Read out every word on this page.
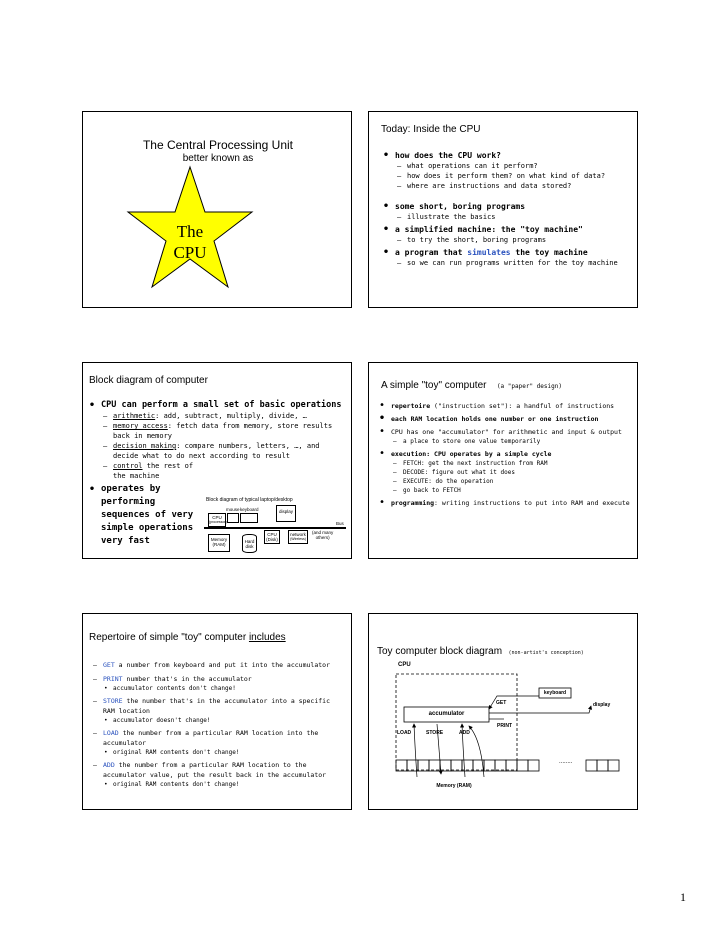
The Central Processing Unit
better known as
The
CPU
Today: Inside the CPU
• how does the CPU work?
– what operations can it perform?
– how does it perform them? on what kind of data?
– where are instructions and data stored?
• some short, boring programs
– illustrate the basics
• a simplified machine: the "toy machine"
– to try the short, boring programs
• a program that simulates the toy machine
– so we can run programs written for the toy machine
Block diagram of computer
• CPU can perform a small set of basic operations
– arithmetic: add, subtract, multiply, divide, …
– memory access: fetch data from memory, store results back in memory
– decision making: compare numbers, letters, …, and decide what to do next according to result
– control the rest of the machine
• operates by performing sequences of very simple operations very fast
Block diagram of typical laptop/desktop
mouse keyboard
CPU
(processor)
display
Bus
Memory
(RAM)
Hard
disk
CPU
(Disk)
network
(Wireless)
(and many
others)
A simple "toy" computer (a "paper" design)
• repertoire ("instruction set"): a handful of instructions
• each RAM location holds one number or one instruction
• CPU has one "accumulator" for arithmetic and input & output
– a place to store one value temporarily
• execution: CPU operates by a simple cycle
– FETCH: get the next instruction from RAM
– DECODE: figure out what it does
– EXECUTE: do the operation
– go back to FETCH
• programming: writing instructions to put into RAM and execute
Repertoire of simple "toy" computer includes
– GET a number from keyboard and put it into the accumulator
– PRINT number that's in the accumulator
• accumulator contents don't change!
– STORE the number that's in the accumulator into a specific RAM location
• accumulator doesn't change!
– LOAD the number from a particular RAM location into the accumulator
• original RAM contents don't change!
– ADD the number from a particular RAM location to the accumulator value, put the result back in the accumulator
• original RAM contents don't change!
Toy computer block diagram (non-artist's conception)
CPU
keyboard
display
GET
accumulator
PRINT
LOAD	STORE	ADD
........
Memory (RAM)
1
